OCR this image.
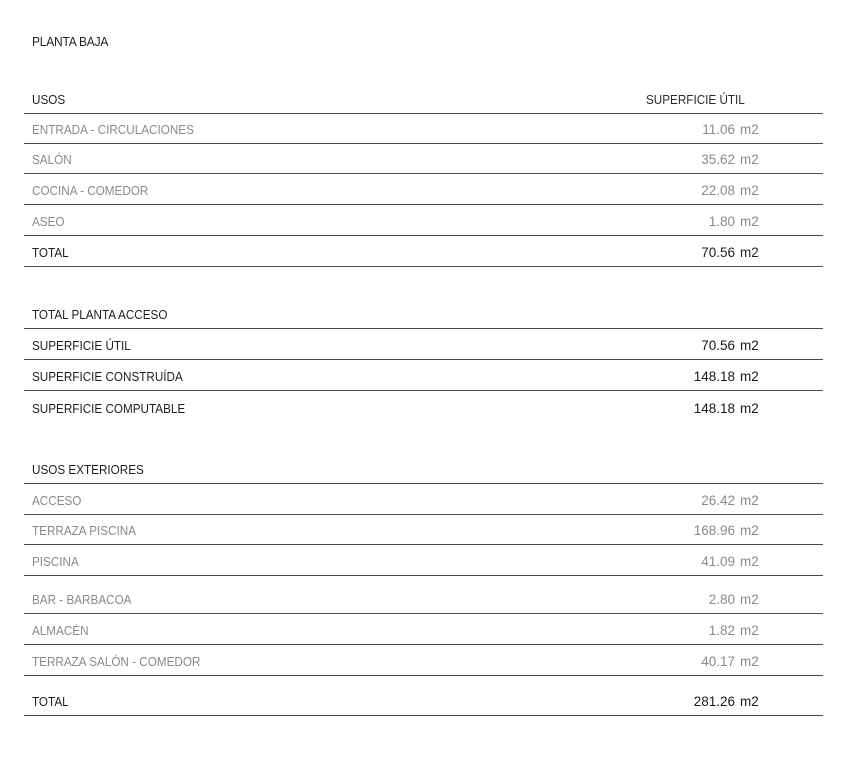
PLANTA BAJA
USOS	SUPERFICIE ÚTIL
ENTRADA - CIRCULACIONES	11.06 m2
SALÓN	35.62 m2
COCINA - COMEDOR	22.08 m2
ASEO	1.80 m2
TOTAL	70.56 m2
TOTAL PLANTA ACCESO
SUPERFICIE ÚTIL	70.56 m2
SUPERFICIE CONSTRUÍDA	148.18 m2
SUPERFICIE COMPUTABLE	148.18 m2
USOS EXTERIORES
ACCESO	26.42 m2
TERRAZA PISCINA	168.96 m2
PISCINA	41.09 m2
BAR - BARBACOA	2.80 m2
ALMACÉN	1.82 m2
TERRAZA SALÓN - COMEDOR	40.17 m2
TOTAL	281.26 m2
